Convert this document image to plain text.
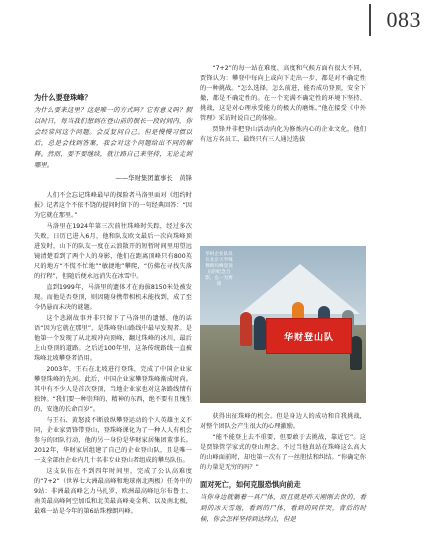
083
为什么要登珠峰？
为什么要来这里？这是唯一的方式吗？它有意义吗？假以时日，每当我们想到在登山前的很长一段时间内，你会经常问这个问题。会反复问自己。但是慢慢习惯以后，总是会找到答案，我会对这个问题给出不同的解释。然而，要不要继续，就让路自己来坚持，无论走到哪里。
——华财集团董事长　黄锋

人们不会忘记珠峰最早的探险者马洛里面对《纽约时报》记者这个不依不饶的提问时留下的一句经典回答：“因为它就在那里。”

马洛里在1924年第三次前往珠峰时失踪，经过多次失败，日历已进入6月，他和队友欧文最后一次向珠峰顶进发时，山下的队友一度在云浪散开的短暂时间里用望远镜清楚看到了两个人的身影，他们在距离顶峰只有800英尺的地方“不慌不忙地”“敏捷地”攀爬，“仿佛在寻找失落的行程”，但随后便永远消失在冰雪中。

直到1999年，马洛里的遗体才在海拔8150米处被发现。而他是否登顶，则因随身携带相机未能找到，成了至今仍悬而未决的谜题。

这个悲剧故事并非只留下了马洛里的遗憾，他的话语“因为它就在那里”，是珠峰登山路线中最早发现者。是他第一个发现了从北坡冲向顶峰，翻过珠峰的冰川，最后上山登顶的道路。之后近100年里，这条传统路线一直被珠峰北坡攀登者沿用。

2003年，王石在北坡进行登珠，完成了中国企业家攀登珠峰的先河。此后，中国企业家攀登珠峰渐成时尚。其中有不少人是首次登顶，当地企业家也对这条路线情有独钟。“我们要一种崇拜的、精神的东西，绝不要有且愧生的、安逸的长命百岁”。

与王石、黄怒波不断放纵攀登运动的个人英雄主义不同，企业家贾锋带登山，登珠峰课化为了一种人人有机会参与的团队行动，他的另一身份是华财家居集团董事长。2012年，华财家居组建了自己的企业登山队，且是唯一一支全部由企业内几十名非专业登山者组成的攀鸟队伍。

这支队伍在不到四年时间里，完成了公认高难度的“7+2”（世界七大洲最高峰和地球南北两极）任务中的9站：非洲最高峰乞力马扎罗、欧洲最高峰厄尔布鲁士、南美最高峰阿空加瓜和北美最高峰麦金利、以及南北极，最难一站是今年的第6站珠穆朗玛峰。

“7+2”的每一站在难度、高度和气候方面有很大不同，贾锋认为：攀登中每向上或向下走出一步，都是对不确定性的一种挑战。“怎么选择，怎么前进，能否成功登顶，安全下撤，都是不确定性的。在一个充满不确定性的环境下坚持、挑战，这是对心理承受能力的极大的磨炼。”他在接受《中外管理》采访时说自己的体验。

贾锋并非把登山活动内化为修炼内心的企业文化，他们有远方名员工，最终只有三人通过选拔

华财登山队
华财企业队员在北京大学珠穆朗玛峰登顶后的纪念合影，左一为贾锋

获得出征珠峰的机会。但是身边人的成功和自我挑战，对整个团队会产生很大的心理激励。

“能不能登上去不重要，但要敢于去挑战，靠近它”。这是贾锋管学家式的登山理念。不过当他真站在珠峰这么高大的山峰面前时，却也第一次有了一丝胆怯和纠结。“你确定你的力量是无穷的吗？”

面对死亡，如何克服恐惧向前走
当你身边就躺着一具尸体，而且就是昨天刚刚去世的，看到的冰天雪地，看到的尸体，看到的同伴哭，背后的时候，你会怎样坚持到达终点，但是
